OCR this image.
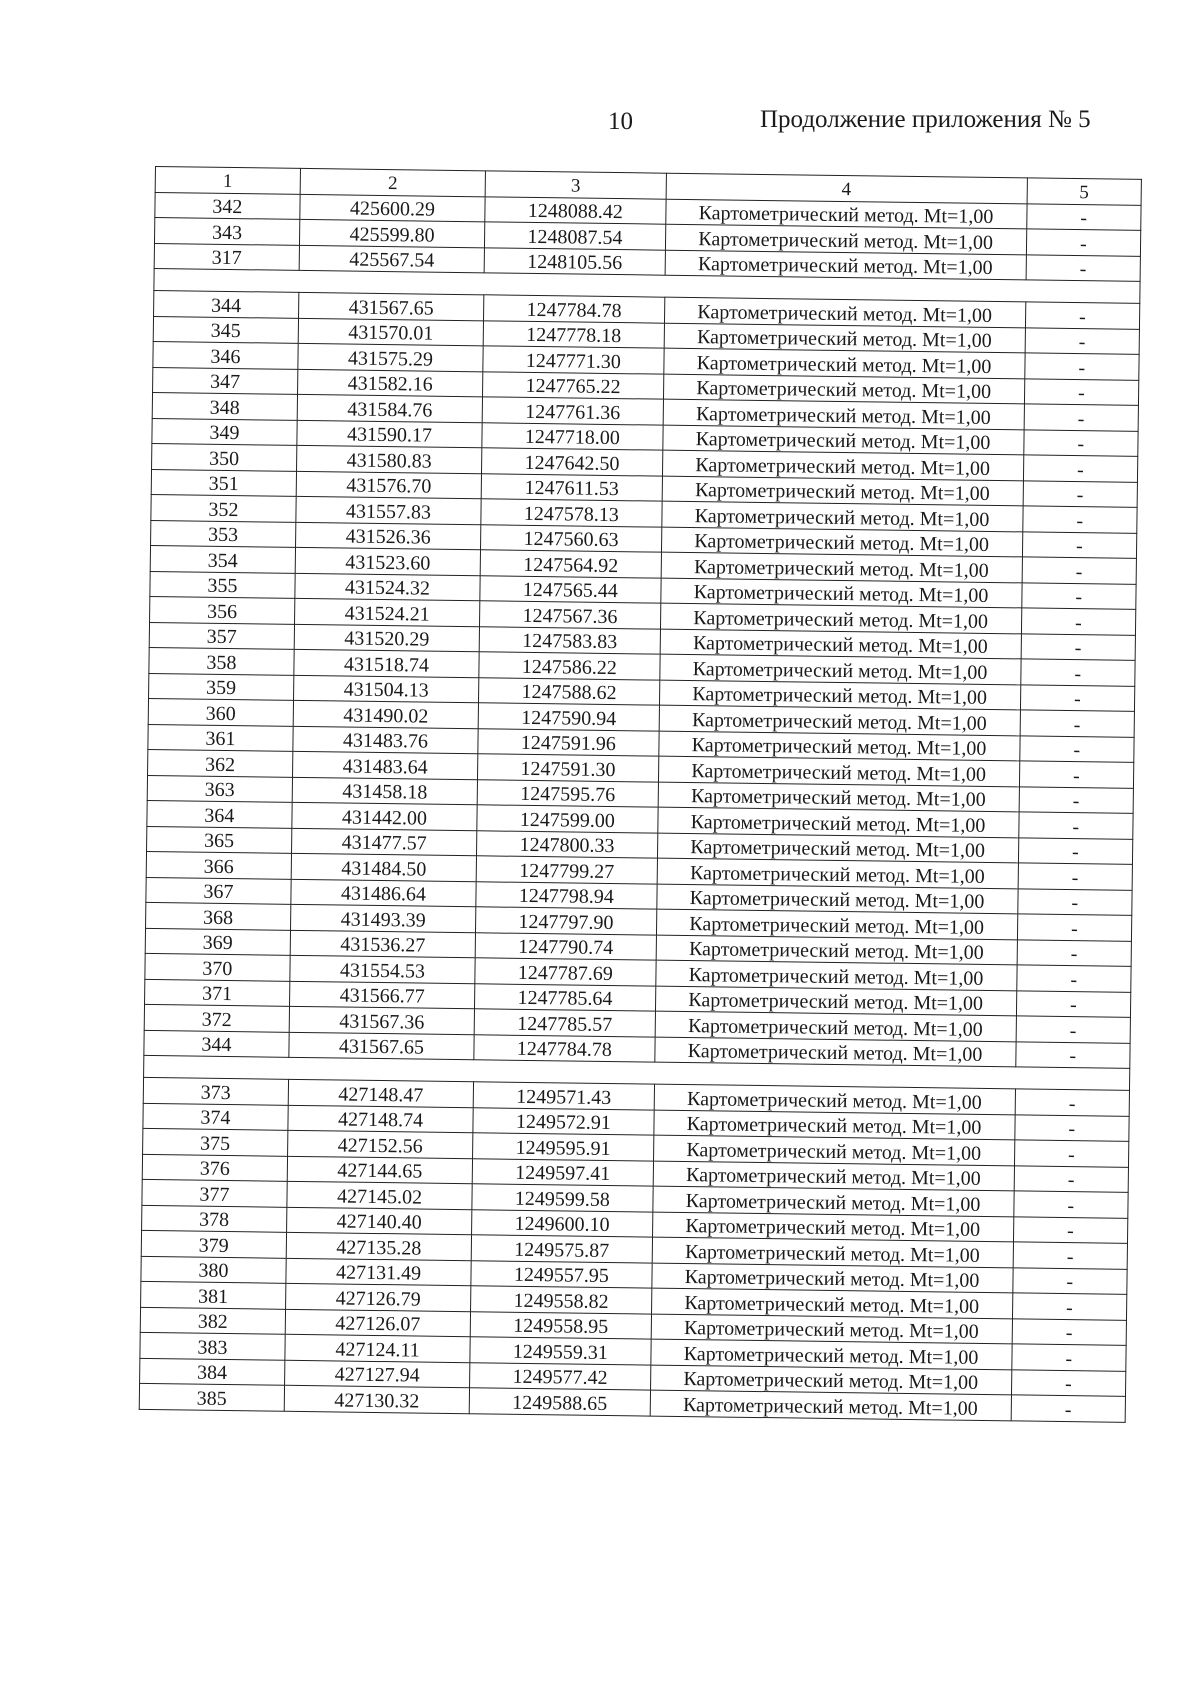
10	Продолжение приложения № 5
1	2	3	4	5
342	425600.29	1248088.42	Картометрический метод. Mt=1,00	-
343	425599.80	1248087.54	Картометрический метод. Mt=1,00	-
317	425567.54	1248105.56	Картометрический метод. Mt=1,00	-

344	431567.65	1247784.78	Картометрический метод. Mt=1,00	-
345	431570.01	1247778.18	Картометрический метод. Mt=1,00	-
346	431575.29	1247771.30	Картометрический метод. Mt=1,00	-
347	431582.16	1247765.22	Картометрический метод. Mt=1,00	-
348	431584.76	1247761.36	Картометрический метод. Mt=1,00	-
349	431590.17	1247718.00	Картометрический метод. Mt=1,00	-
350	431580.83	1247642.50	Картометрический метод. Mt=1,00	-
351	431576.70	1247611.53	Картометрический метод. Mt=1,00	-
352	431557.83	1247578.13	Картометрический метод. Mt=1,00	-
353	431526.36	1247560.63	Картометрический метод. Mt=1,00	-
354	431523.60	1247564.92	Картометрический метод. Mt=1,00	-
355	431524.32	1247565.44	Картометрический метод. Mt=1,00	-
356	431524.21	1247567.36	Картометрический метод. Mt=1,00	-
357	431520.29	1247583.83	Картометрический метод. Mt=1,00	-
358	431518.74	1247586.22	Картометрический метод. Mt=1,00	-
359	431504.13	1247588.62	Картометрический метод. Mt=1,00	-
360	431490.02	1247590.94	Картометрический метод. Mt=1,00	-
361	431483.76	1247591.96	Картометрический метод. Mt=1,00	-
362	431483.64	1247591.30	Картометрический метод. Mt=1,00	-
363	431458.18	1247595.76	Картометрический метод. Mt=1,00	-
364	431442.00	1247599.00	Картометрический метод. Mt=1,00	-
365	431477.57	1247800.33	Картометрический метод. Mt=1,00	-
366	431484.50	1247799.27	Картометрический метод. Mt=1,00	-
367	431486.64	1247798.94	Картометрический метод. Mt=1,00	-
368	431493.39	1247797.90	Картометрический метод. Mt=1,00	-
369	431536.27	1247790.74	Картометрический метод. Mt=1,00	-
370	431554.53	1247787.69	Картометрический метод. Mt=1,00	-
371	431566.77	1247785.64	Картометрический метод. Mt=1,00	-
372	431567.36	1247785.57	Картометрический метод. Mt=1,00	-
344	431567.65	1247784.78	Картометрический метод. Mt=1,00	-

373	427148.47	1249571.43	Картометрический метод. Mt=1,00	-
374	427148.74	1249572.91	Картометрический метод. Mt=1,00	-
375	427152.56	1249595.91	Картометрический метод. Mt=1,00	-
376	427144.65	1249597.41	Картометрический метод. Mt=1,00	-
377	427145.02	1249599.58	Картометрический метод. Mt=1,00	-
378	427140.40	1249600.10	Картометрический метод. Mt=1,00	-
379	427135.28	1249575.87	Картометрический метод. Mt=1,00	-
380	427131.49	1249557.95	Картометрический метод. Mt=1,00	-
381	427126.79	1249558.82	Картометрический метод. Mt=1,00	-
382	427126.07	1249558.95	Картометрический метод. Mt=1,00	-
383	427124.11	1249559.31	Картометрический метод. Mt=1,00	-
384	427127.94	1249577.42	Картометрический метод. Mt=1,00	-
385	427130.32	1249588.65	Картометрический метод. Mt=1,00	-
